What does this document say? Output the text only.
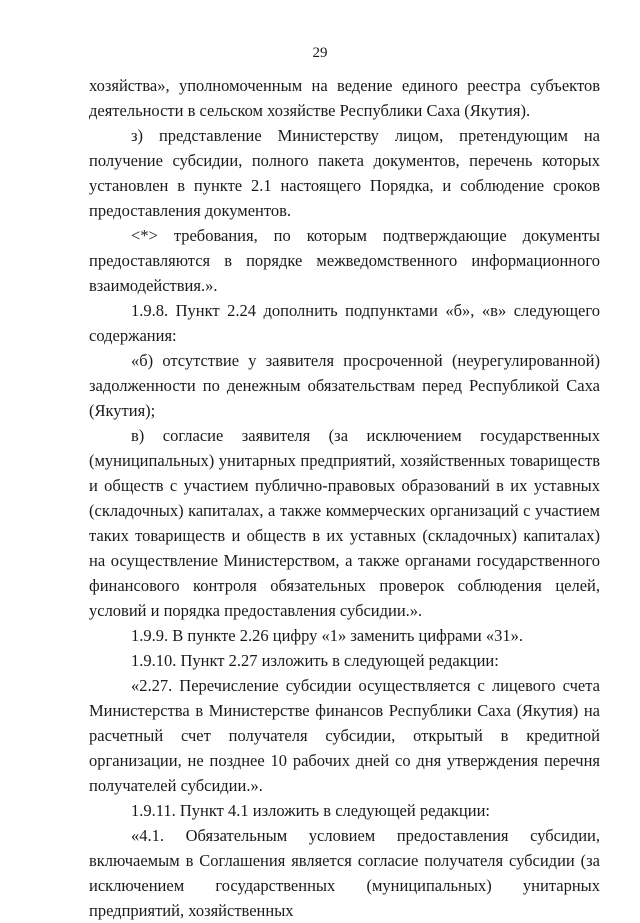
29

хозяйства», уполномоченным на ведение единого реестра субъектов деятельности в сельском хозяйстве Республики Саха (Якутия).

з) представление Министерству лицом, претендующим на получение субсидии, полного пакета документов, перечень которых установлен в пункте 2.1 настоящего Порядка, и соблюдение сроков предоставления документов.

<*> требования, по которым подтверждающие документы предоставляются в порядке межведомственного информационного взаимодействия.».

1.9.8. Пункт 2.24 дополнить подпунктами «б», «в» следующего содержания:

«б) отсутствие у заявителя просроченной (неурегулированной) задолженности по денежным обязательствам перед Республикой Саха (Якутия);

в) согласие заявителя (за исключением государственных (муниципальных) унитарных предприятий, хозяйственных товариществ и обществ с участием публично-правовых образований в их уставных (складочных) капиталах, а также коммерческих организаций с участием таких товариществ и обществ в их уставных (складочных) капиталах) на осуществление Министерством, а также органами государственного финансового контроля обязательных проверок соблюдения целей, условий и порядка предоставления субсидии.».

1.9.9. В пункте 2.26 цифру «1» заменить цифрами «31».

1.9.10. Пункт 2.27 изложить в следующей редакции:

«2.27. Перечисление субсидии осуществляется с лицевого счета Министерства в Министерстве финансов Республики Саха (Якутия) на расчетный счет получателя субсидии, открытый в кредитной организации, не позднее 10 рабочих дней со дня утверждения перечня получателей субсидии.».

1.9.11. Пункт 4.1 изложить в следующей редакции:

«4.1. Обязательным условием предоставления субсидии, включаемым в Соглашения является согласие получателя субсидии (за исключением государственных (муниципальных) унитарных предприятий, хозяйственных
